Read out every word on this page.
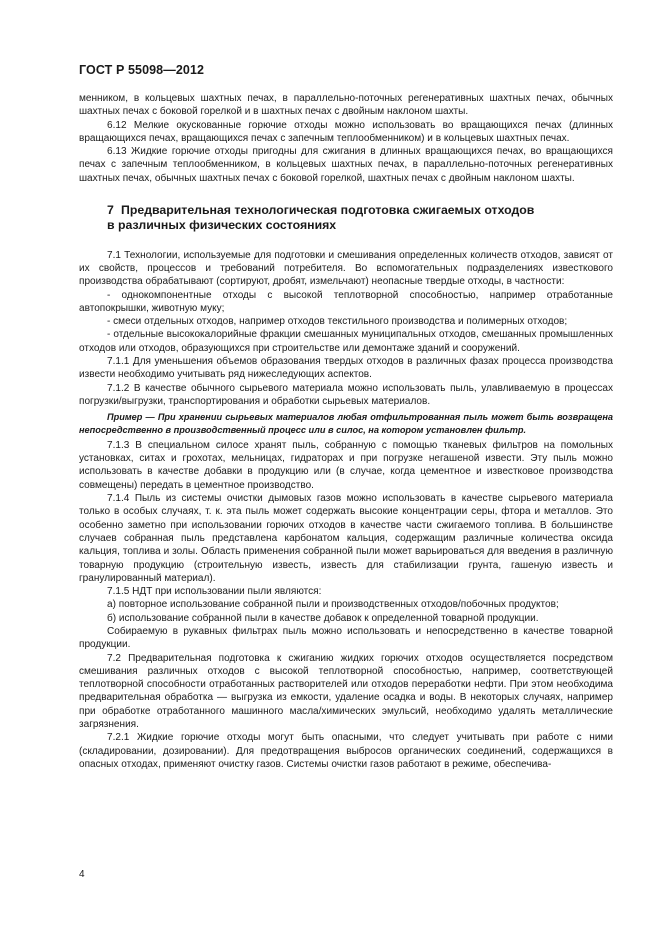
ГОСТ Р 55098—2012

менником, в кольцевых шахтных печах, в параллельно-поточных регенеративных шахтных печах, обычных шахтных печах с боковой горелкой и в шахтных печах с двойным наклоном шахты.

6.12 Мелкие окускованные горючие отходы можно использовать во вращающихся печах (длинных вращающихся печах, вращающихся печах с запечным теплообменником) и в кольцевых шахтных печах.

6.13 Жидкие горючие отходы пригодны для сжигания в длинных вращающихся печах, во вращающихся печах с запечным теплообменником, в кольцевых шахтных печах, в параллельно-поточных регенеративных шахтных печах, обычных шахтных печах с боковой горелкой, шахтных печах с двойным наклоном шахты.

7 Предварительная технологическая подготовка сжигаемых отходов
в различных физических состояниях

7.1 Технологии, используемые для подготовки и смешивания определенных количеств отходов, зависят от их свойств, процессов и требований потребителя. Во вспомогательных подразделениях известкового производства обрабатывают (сортируют, дробят, измельчают) неопасные твердые отходы, в частности:

- однокомпонентные отходы с высокой теплотворной способностью, например отработанные автопокрышки, животную муку;

- смеси отдельных отходов, например отходов текстильного производства и полимерных отходов;

- отдельные высококалорийные фракции смешанных муниципальных отходов, смешанных промышленных отходов или отходов, образующихся при строительстве или демонтаже зданий и сооружений.

7.1.1 Для уменьшения объемов образования твердых отходов в различных фазах процесса производства извести необходимо учитывать ряд нижеследующих аспектов.

7.1.2 В качестве обычного сырьевого материала можно использовать пыль, улавливаемую в процессах погрузки/выгрузки, транспортирования и обработки сырьевых материалов.

Пример — При хранении сырьевых материалов любая отфильтрованная пыль может быть возвращена непосредственно в производственный процесс или в силос, на котором установлен фильтр.

7.1.3 В специальном силосе хранят пыль, собранную с помощью тканевых фильтров на помольных установках, ситах и грохотах, мельницах, гидраторах и при погрузке негашеной извести. Эту пыль можно использовать в качестве добавки в продукцию или (в случае, когда цементное и известковое производства совмещены) передать в цементное производство.

7.1.4 Пыль из системы очистки дымовых газов можно использовать в качестве сырьевого материала только в особых случаях, т. к. эта пыль может содержать высокие концентрации серы, фтора и металлов. Это особенно заметно при использовании горючих отходов в качестве части сжигаемого топлива. В большинстве случаев собранная пыль представлена карбонатом кальция, содержащим различные количества оксида кальция, топлива и золы. Область применения собранной пыли может варьироваться для введения в различную товарную продукцию (строительную известь, известь для стабилизации грунта, гашеную известь и гранулированный материал).

7.1.5 НДТ при использовании пыли являются:

а) повторное использование собранной пыли и производственных отходов/побочных продуктов;

б) использование собранной пыли в качестве добавок к определенной товарной продукции.

Собираемую в рукавных фильтрах пыль можно использовать и непосредственно в качестве товарной продукции.

7.2 Предварительная подготовка к сжиганию жидких горючих отходов осуществляется посредством смешивания различных отходов с высокой теплотворной способностью, например, соответствующей теплотворной способности отработанных растворителей или отходов переработки нефти. При этом необходима предварительная обработка — выгрузка из емкости, удаление осадка и воды. В некоторых случаях, например при обработке отработанного машинного масла/химических эмульсий, необходимо удалять металлические загрязнения.

7.2.1 Жидкие горючие отходы могут быть опасными, что следует учитывать при работе с ними (складировании, дозировании). Для предотвращения выбросов органических соединений, содержащихся в опасных отходах, применяют очистку газов. Системы очистки газов работают в режиме, обеспечива-

4
